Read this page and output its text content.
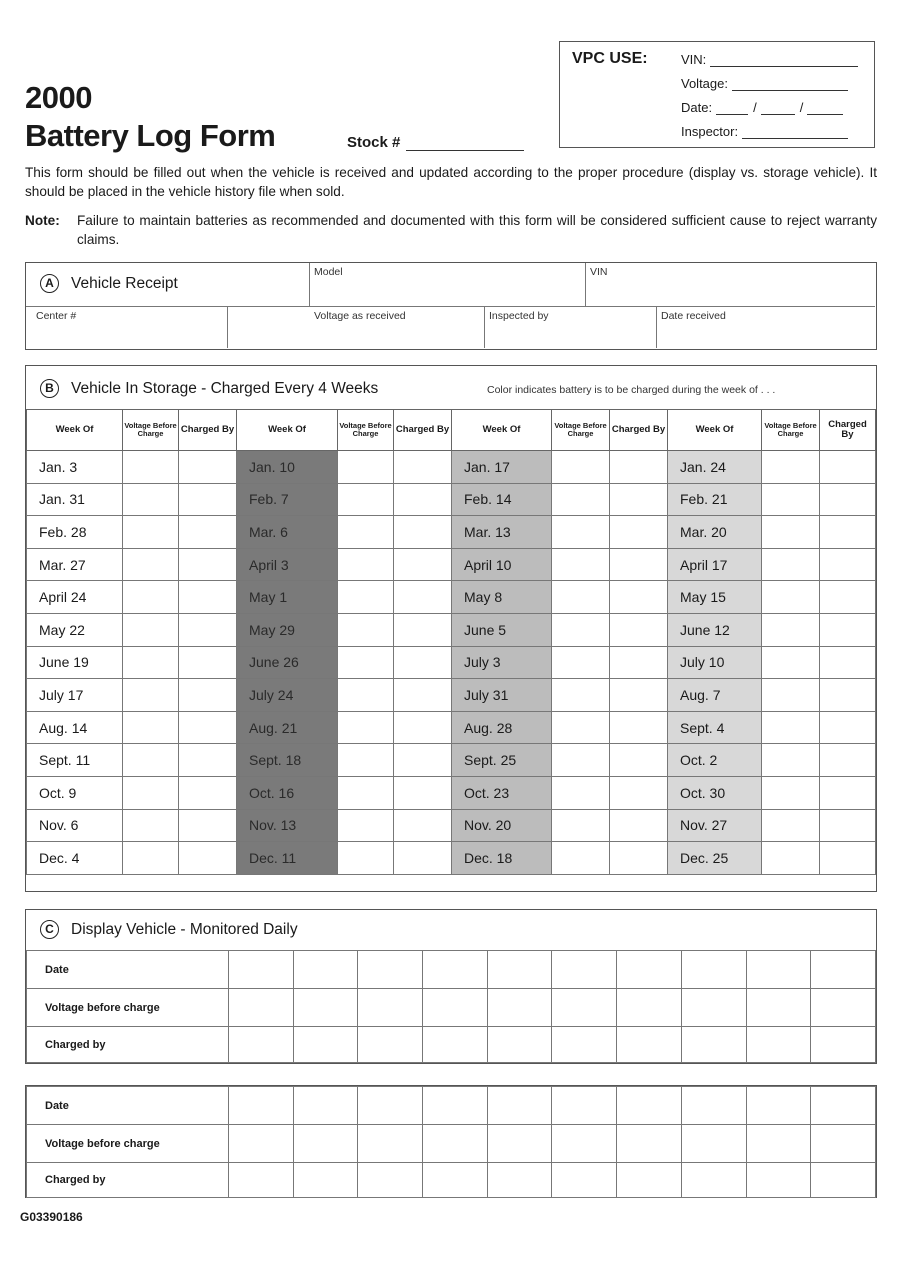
2000
Battery Log Form	Stock #
VPC USE:	VIN:
Voltage:
Date:	/	/
Inspector:
This form should be filled out when the vehicle is received and updated according to the proper procedure (display vs. storage vehicle). It should be placed in the vehicle history file when sold.
Note:	Failure to maintain batteries as recommended and documented with this form will be considered sufficient cause to reject warranty claims.
A	Vehicle Receipt
Model	VIN
Center #	Voltage as received	Inspected by	Date received
B	Vehicle In Storage - Charged Every 4 Weeks	Color indicates battery is to be charged during the week of . . .
Week Of	Voltage Before Charge	Charged By	Week Of	Voltage Before Charge	Charged By	Week Of	Voltage Before Charge	Charged By	Week Of	Voltage Before Charge	Charged By
Jan. 3			Jan. 10			Jan. 17			Jan. 24		
Jan. 31			Feb. 7			Feb. 14			Feb. 21		
Feb. 28			Mar. 6			Mar. 13			Mar. 20		
Mar. 27			April 3			April 10			April 17		
April 24			May 1			May 8			May 15		
May 22			May 29			June 5			June 12		
June 19			June 26			July 3			July 10		
July 17			July 24			July 31			Aug. 7		
Aug. 14			Aug. 21			Aug. 28			Sept. 4		
Sept. 11			Sept. 18			Sept. 25			Oct. 2		
Oct. 9			Oct. 16			Oct. 23			Oct. 30		
Nov. 6			Nov. 13			Nov. 20			Nov. 27		
Dec. 4			Dec. 11			Dec. 18			Dec. 25		
C	Display Vehicle - Monitored Daily
Date										
Voltage before charge										
Charged by										
Date										
Voltage before charge										
Charged by										
G03390186
